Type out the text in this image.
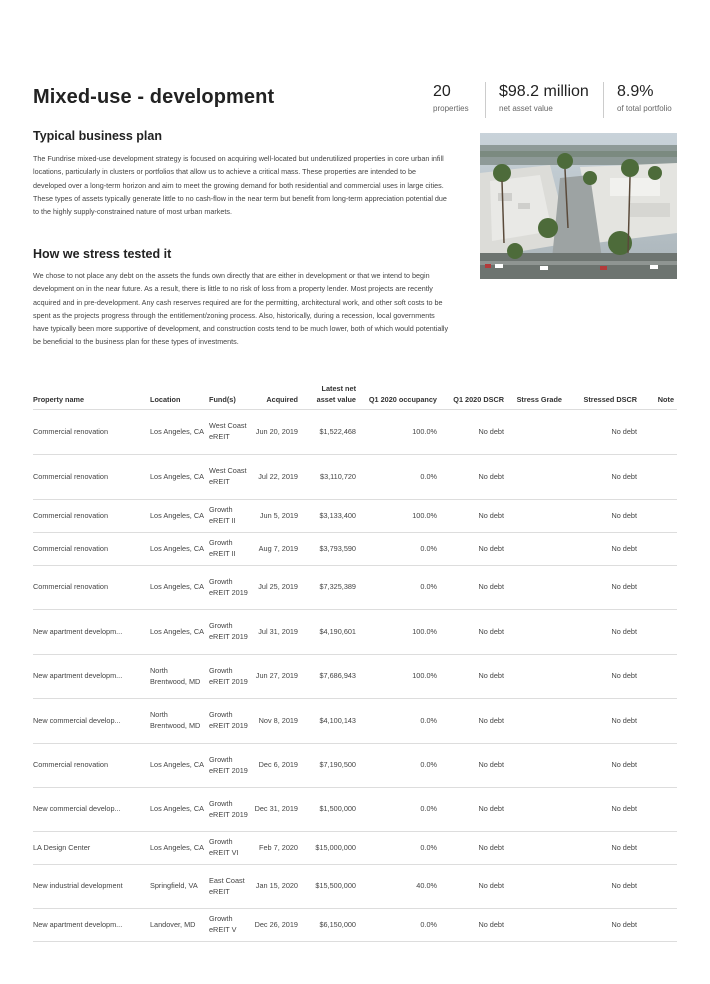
Mixed-use - development	20
properties
$98.2 million
net asset value
8.9%
of total portfolio
Typical business plan

The Fundrise mixed-use development strategy is focused on acquiring well-located but underutilized properties in core urban infill locations, particularly in clusters or portfolios that allow us to achieve a critical mass. These properties are intended to be developed over a long-term horizon and aim to meet the growing demand for both residential and commercial uses in large cities. These types of assets typically generate little to no cash-flow in the near term but benefit from long-term appreciation potential due to the highly supply-constrained nature of most urban markets.

How we stress tested it

We chose to not place any debt on the assets the funds own directly that are either in development or that we intend to begin development on in the near future. As a result, there is little to no risk of loss from a property lender. Most projects are recently acquired and in pre-development. Any cash reserves required are for the permitting, architectural work, and other soft costs to be spent as the projects progress through the entitlement/zoning process. Also, historically, during a recession, local governments have typically been more supportive of development, and construction costs tend to be much lower, both of which would potentially be beneficial to the business plan for these types of investments.

Property name	Location	Fund(s)	Acquired	Latest net asset value	Q1 2020 occupancy	Q1 2020 DSCR	Stress Grade	Stressed DSCR	Note
Commercial renovation	Los Angeles, CA	West Coast eREIT	Jun 20, 2019	$1,522,468	100.0%	No debt		No debt	
Commercial renovation	Los Angeles, CA	West Coast eREIT	Jul 22, 2019	$3,110,720	0.0%	No debt		No debt	
Commercial renovation	Los Angeles, CA	Growth eREIT II	Jun 5, 2019	$3,133,400	100.0%	No debt		No debt	
Commercial renovation	Los Angeles, CA	Growth eREIT II	Aug 7, 2019	$3,793,590	0.0%	No debt		No debt	
Commercial renovation	Los Angeles, CA	Growth eREIT 2019	Jul 25, 2019	$7,325,389	0.0%	No debt		No debt	
New apartment developm...	Los Angeles, CA	Growth eREIT 2019	Jul 31, 2019	$4,190,601	100.0%	No debt		No debt	
New apartment developm...	North Brentwood, MD	Growth eREIT 2019	Jun 27, 2019	$7,686,943	100.0%	No debt		No debt	
New commercial develop...	North Brentwood, MD	Growth eREIT 2019	Nov 8, 2019	$4,100,143	0.0%	No debt		No debt	
Commercial renovation	Los Angeles, CA	Growth eREIT 2019	Dec 6, 2019	$7,190,500	0.0%	No debt		No debt	
New commercial develop...	Los Angeles, CA	Growth eREIT 2019	Dec 31, 2019	$1,500,000	0.0%	No debt		No debt	
LA Design Center	Los Angeles, CA	Growth eREIT VI	Feb 7, 2020	$15,000,000	0.0%	No debt		No debt	
New industrial development	Springfield, VA	East Coast eREIT	Jan 15, 2020	$15,500,000	40.0%	No debt		No debt	
New apartment developm...	Landover, MD	Growth eREIT V	Dec 26, 2019	$6,150,000	0.0%	No debt		No debt	
